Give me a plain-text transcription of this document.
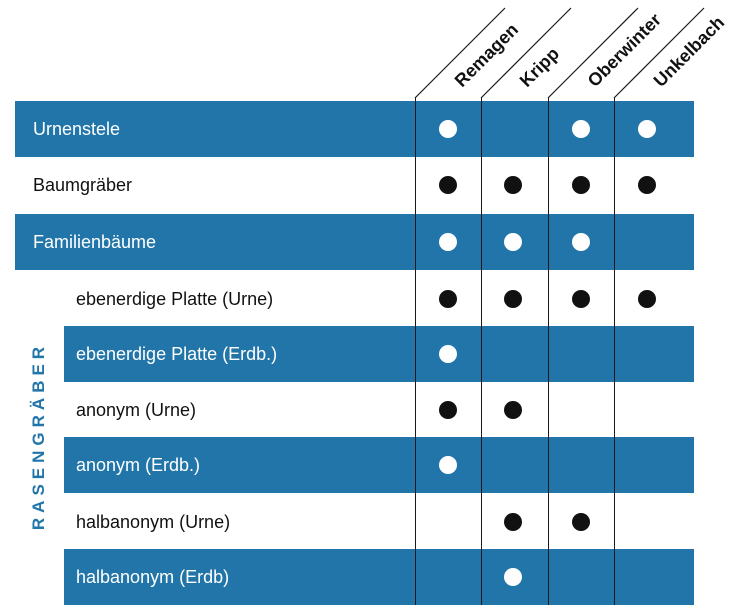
Urnenstele
Baumgräber
Familienbäume
ebenerdige Platte (Urne)
ebenerdige Platte (Erdb.)
anonym (Urne)
anonym (Erdb.)
halbanonym (Urne)
halbanonym (Erdb)
Remagen
Kripp Oberwinter
Unkelbach
RASENGRÄBER
